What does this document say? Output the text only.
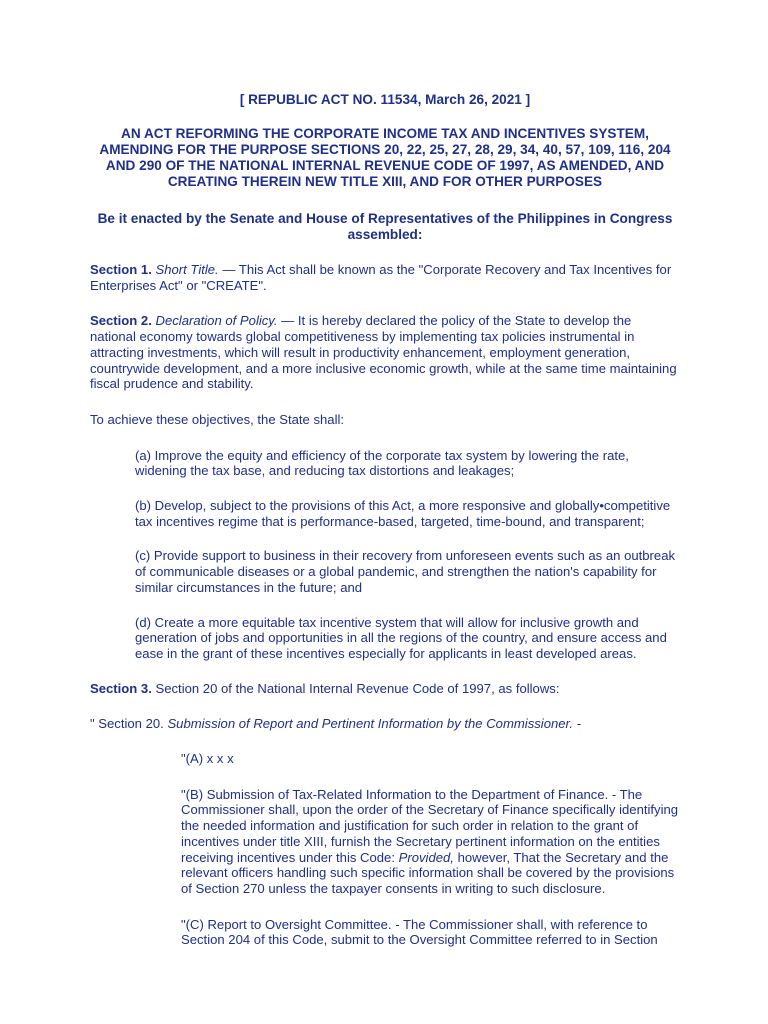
[ REPUBLIC ACT NO. 11534, March 26, 2021 ]

AN ACT REFORMING THE CORPORATE INCOME TAX AND INCENTIVES SYSTEM, AMENDING FOR THE PURPOSE SECTIONS 20, 22, 25, 27, 28, 29, 34, 40, 57, 109, 116, 204 AND 290 OF THE NATIONAL INTERNAL REVENUE CODE OF 1997, AS AMENDED, AND CREATING THEREIN NEW TITLE XIII, AND FOR OTHER PURPOSES

Be it enacted by the Senate and House of Representatives of the Philippines in Congress assembled:

Section 1. Short Title. — This Act shall be known as the "Corporate Recovery and Tax Incentives for Enterprises Act" or "CREATE".

Section 2. Declaration of Policy. — It is hereby declared the policy of the State to develop the national economy towards global competitiveness by implementing tax policies instrumental in attracting investments, which will result in productivity enhancement, employment generation, countrywide development, and a more inclusive economic growth, while at the same time maintaining fiscal prudence and stability.

To achieve these objectives, the State shall:

(a) Improve the equity and efficiency of the corporate tax system by lowering the rate, widening the tax base, and reducing tax distortions and leakages;

(b) Develop, subject to the provisions of this Act, a more responsive and globally•competitive tax incentives regime that is performance-based, targeted, time-bound, and transparent;

(c) Provide support to business in their recovery from unforeseen events such as an outbreak of communicable diseases or a global pandemic, and strengthen the nation's capability for similar circumstances in the future; and

(d) Create a more equitable tax incentive system that will allow for inclusive growth and generation of jobs and opportunities in all the regions of the country, and ensure access and ease in the grant of these incentives especially for applicants in least developed areas.

Section 3. Section 20 of the National Internal Revenue Code of 1997, as follows:

" Section 20. Submission of Report and Pertinent Information by the Commissioner. -

"(A) x x x

"(B) Submission of Tax-Related Information to the Department of Finance. - The Commissioner shall, upon the order of the Secretary of Finance specifically identifying the needed information and justification for such order in relation to the grant of incentives under title XIII, furnish the Secretary pertinent information on the entities receiving incentives under this Code: Provided, however, That the Secretary and the relevant officers handling such specific information shall be covered by the provisions of Section 270 unless the taxpayer consents in writing to such disclosure.

"(C) Report to Oversight Committee. - The Commissioner shall, with reference to Section 204 of this Code, submit to the Oversight Committee referred to in Section
